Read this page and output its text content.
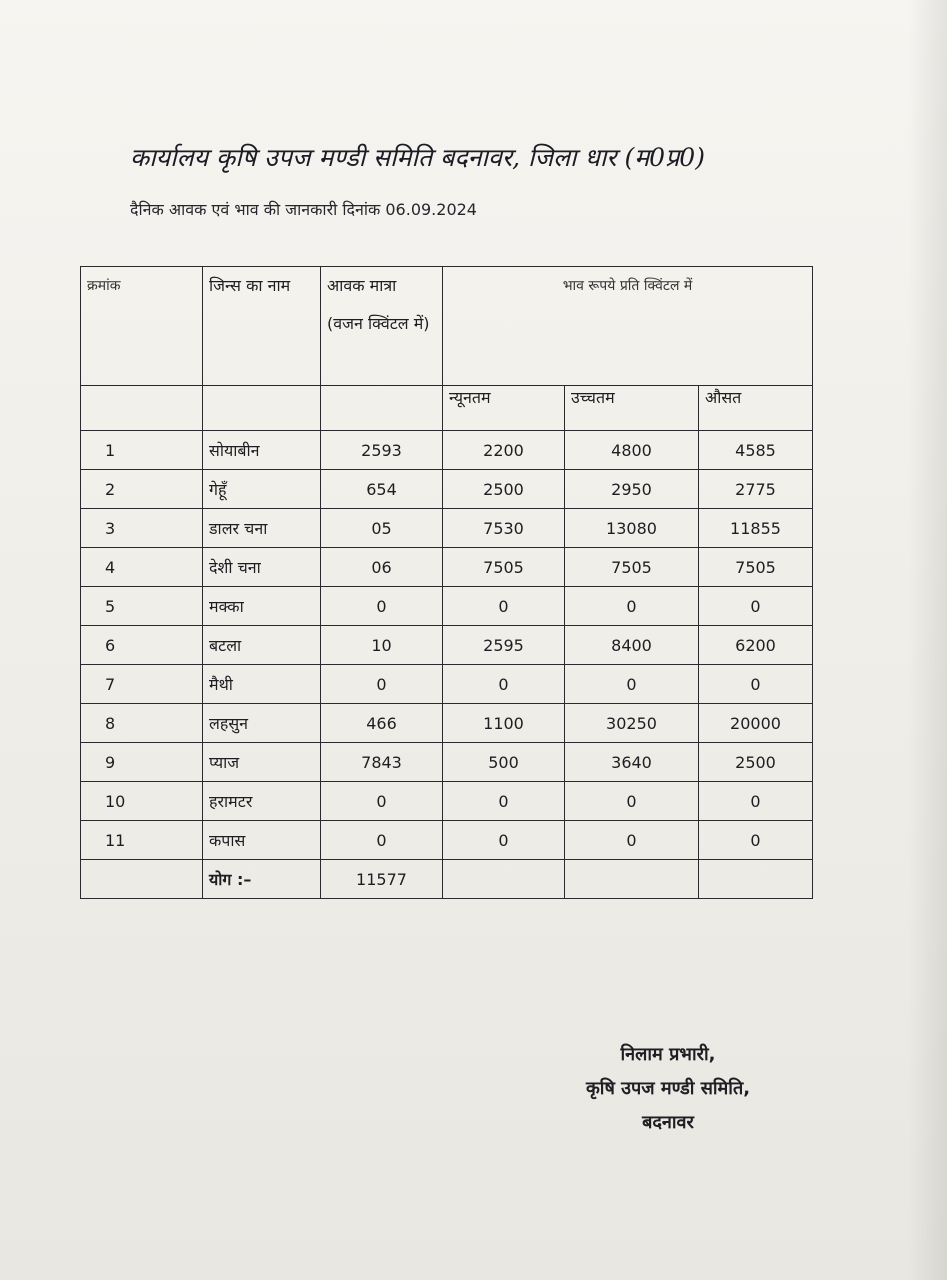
कार्यालय कृषि उपज मण्डी समिति बदनावर, जिला धार (म0प्र0)
दैनिक आवक एवं भाव की जानकारी दिनांक 06.09.2024
क्रमांक	जिन्स का नाम	आवक मात्रा (वजन क्विंटल में)	भाव रूपये प्रति क्विंटल में		
			न्यूनतम	उच्चतम	औसत
1	सोयाबीन	2593	2200	4800	4585
2	गेहूँ	654	2500	2950	2775
3	डालर चना	05	7530	13080	11855
4	देशी चना	06	7505	7505	7505
5	मक्का	0	0	0	0
6	बटला	10	2595	8400	6200
7	मैथी	0	0	0	0
8	लहसुन	466	1100	30250	20000
9	प्याज	7843	500	3640	2500
10	हरामटर	0	0	0	0
11	कपास	0	0	0	0
	योग :–	11577			
निलाम प्रभारी,
कृषि उपज मण्डी समिति,
बदनावर
